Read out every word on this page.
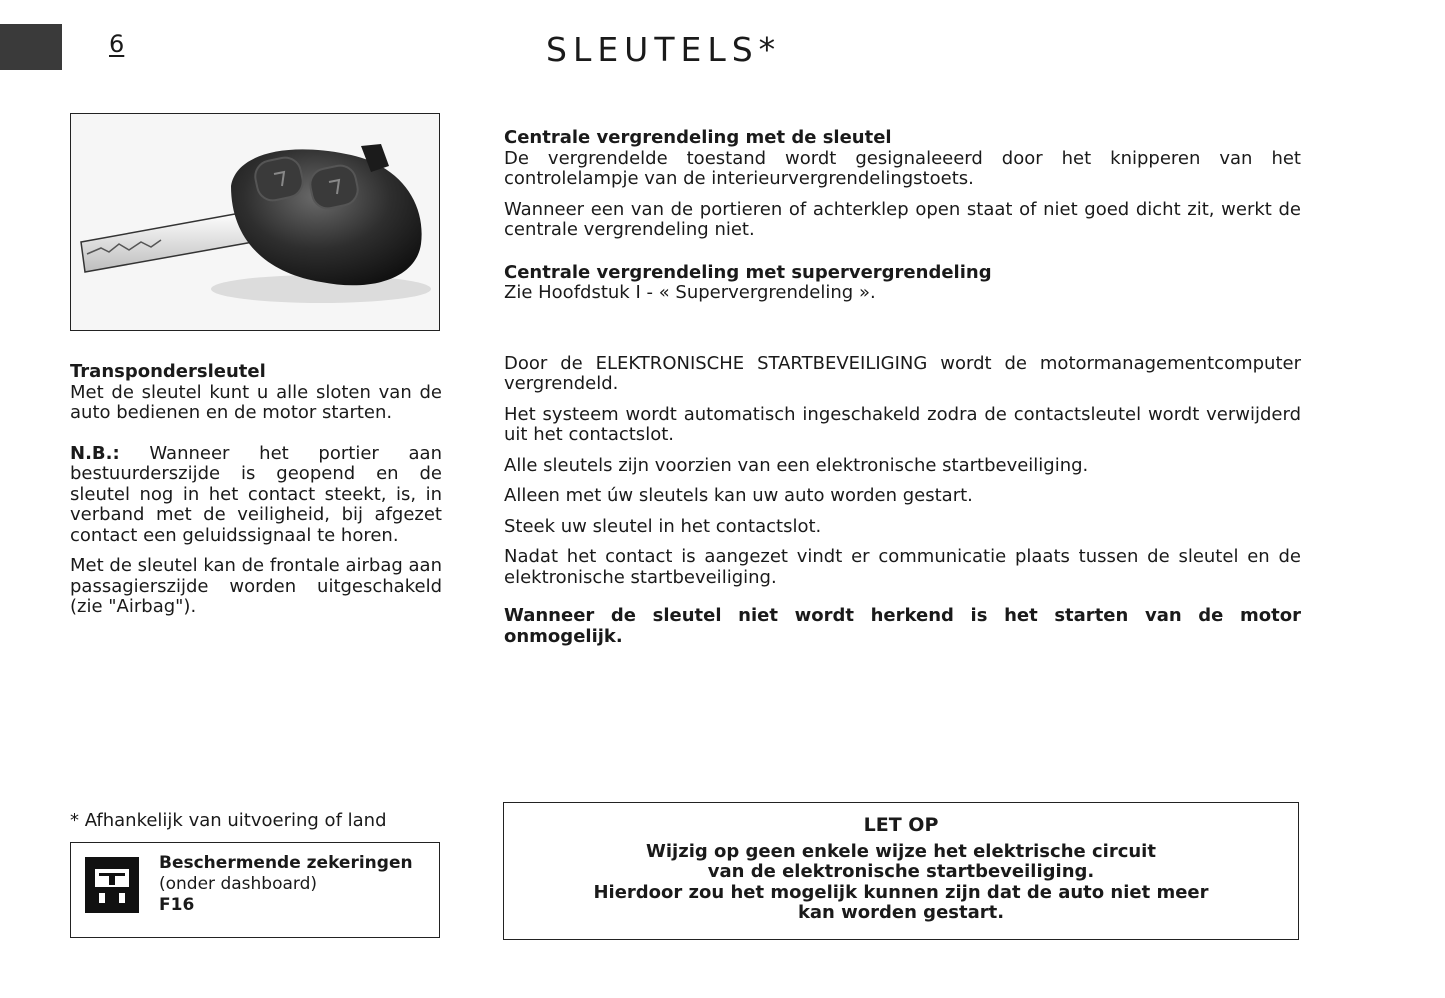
6	SLEUTELS*

Transpondersleutel
Met de sleutel kunt u alle sloten van de auto bedienen en de motor starten.

N.B.: Wanneer het portier aan bestuurderszijde is geopend en de sleutel nog in het contact steekt, is, in verband met de veiligheid, bij afgezet contact een geluidssignaal te horen.

Met de sleutel kan de frontale airbag aan passagierszijde worden uitgeschakeld (zie "Airbag").

Centrale vergrendeling met de sleutel

De vergrendelde toestand wordt gesignaleeerd door het knipperen van het controlelampje van de interieurvergrendelingstoets.

Wanneer een van de portieren of achterklep open staat of niet goed dicht zit, werkt de centrale vergrendeling niet.

Centrale vergrendeling met supervergrendeling
Zie Hoofdstuk I - « Supervergrendeling ».

Door de ELEKTRONISCHE STARTBEVEILIGING wordt de motormanagementcomputer vergrendeld.

Het systeem wordt automatisch ingeschakeld zodra de contactsleutel wordt verwijderd uit het contactslot.

Alle sleutels zijn voorzien van een elektronische startbeveiliging.

Alleen met úw sleutels kan uw auto worden gestart.

Steek uw sleutel in het contactslot.

Nadat het contact is aangezet vindt er communicatie plaats tussen de sleutel en de elektronische startbeveiliging.

Wanneer de sleutel niet wordt herkend is het starten van de motor onmogelijk.

* Afhankelijk van uitvoering of land
Beschermende zekeringen
(onder dashboard)
F16
LET OP
Wijzig op geen enkele wijze het elektrische circuit
van de elektronische startbeveiliging.
Hierdoor zou het mogelijk kunnen zijn dat de auto niet meer
kan worden gestart.
